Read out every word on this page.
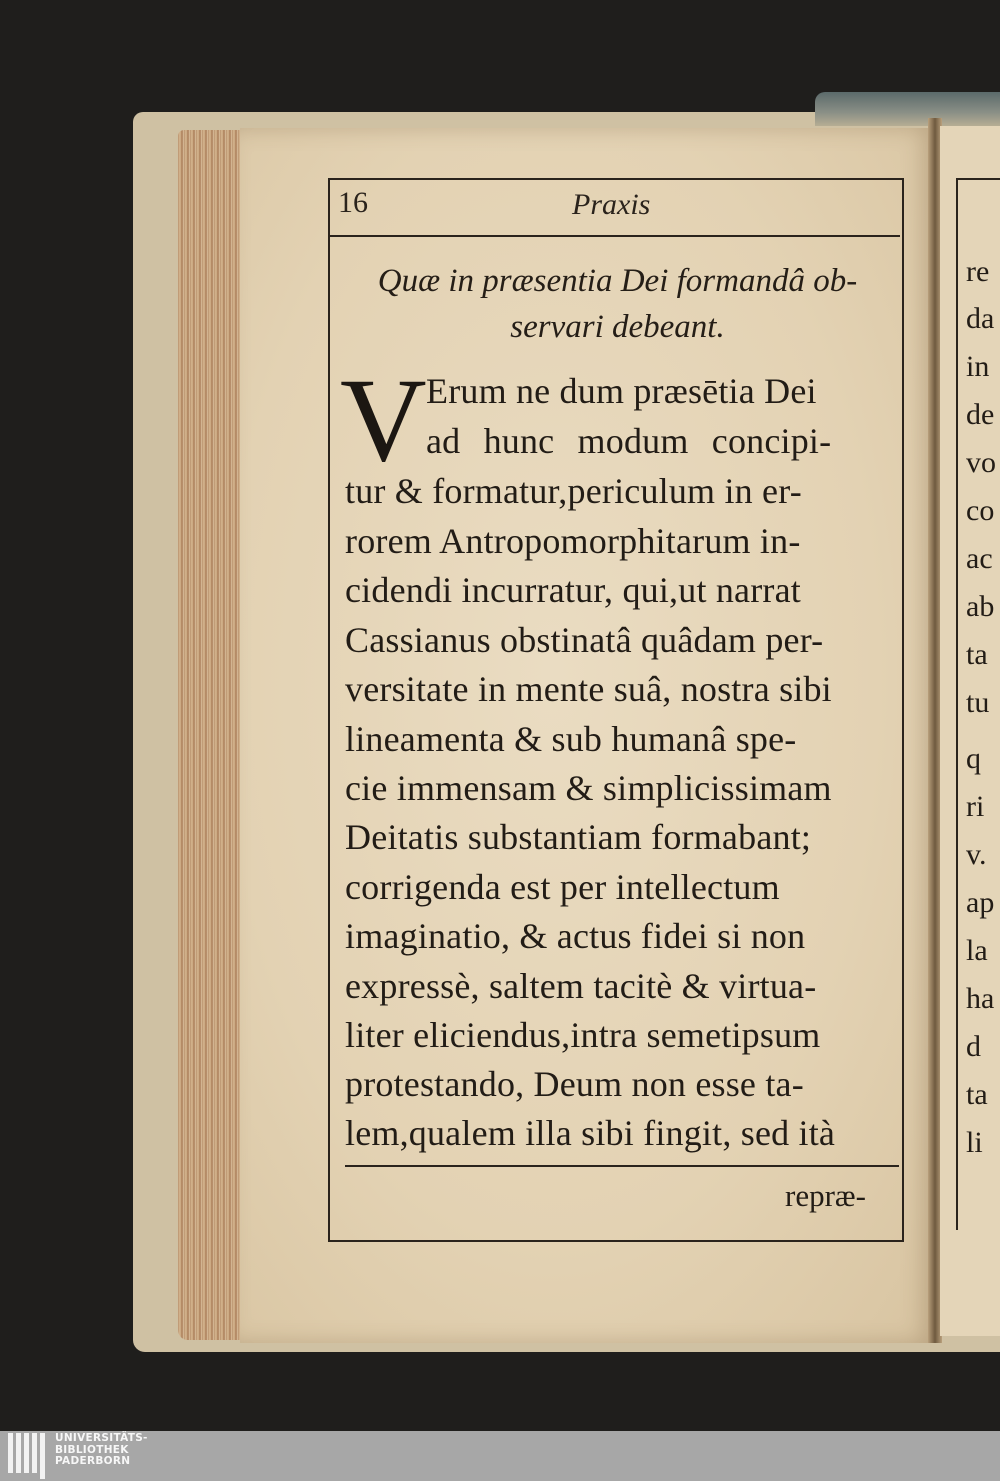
16	Praxis
Quæ in præsentia Dei formandâ ob-
servari debeant.
V Erum ne dum præsētia Dei
ad hunc modum concipi-
tur & formatur,periculum in er-
rorem Antropomorphitarum in-
cidendi incurratur, qui,ut narrat
Cassianus obstinatâ quâdam per-
versitate in mente suâ, nostra sibi
lineamenta & sub humanâ spe-
cie immensam & simplicissimam
Deitatis substantiam formabant;
corrigenda est per intellectum
imaginatio, & actus fidei si non
expressè, saltem tacitè & virtua-
liter eliciendus,intra semetipsum
protestando, Deum non esse ta-
lem,qualem illa sibi fingit, sed ità
repræ-
re
da
in
de
vo
co
ac
ab
ta
tu
q
ri
v.
ap
la
ha
d
ta
li
UNIVERSITÄTS-
BIBLIOTHEK
PADERBORN
